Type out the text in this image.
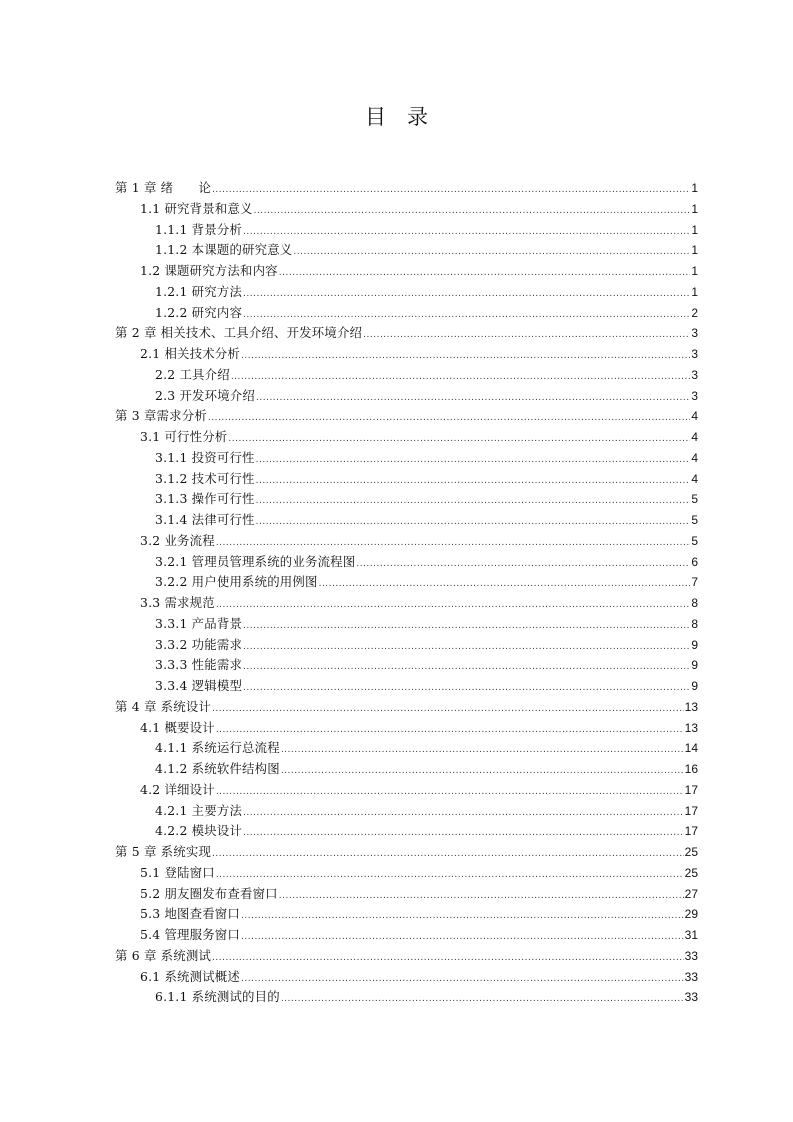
目　录
第 1 章 绪　　论 .....	1
1.1 研究背景和意义 .....	1
1.1.1 背景分析 .....	1
1.1.2 本课题的研究意义 .....	1
1.2 课题研究方法和内容 .....	1
1.2.1 研究方法 .....	1
1.2.2 研究内容 .....	2
第 2 章 相关技术、工具介绍、开发环境介绍 .....	3
2.1 相关技术分析 .....	3
2.2 工具介绍 .....	3
2.3 开发环境介绍 .....	3
第 3 章需求分析 .....	4
3.1 可行性分析 .....	4
3.1.1 投资可行性 .....	4
3.1.2 技术可行性 .....	4
3.1.3 操作可行性 .....	5
3.1.4 法律可行性 .....	5
3.2 业务流程 .....	5
3.2.1 管理员管理系统的业务流程图 .....	6
3.2.2 用户使用系统的用例图 .....	7
3.3 需求规范 .....	8
3.3.1 产品背景 .....	8
3.3.2 功能需求 .....	9
3.3.3 性能需求 .....	9
3.3.4 逻辑模型 .....	9
第 4 章 系统设计 .....	13
4.1 概要设计 .....	13
4.1.1 系统运行总流程 .....	14
4.1.2 系统软件结构图 .....	16
4.2 详细设计 .....	17
4.2.1 主要方法 .....	17
4.2.2 模块设计 .....	17
第 5 章 系统实现 .....	25
5.1 登陆窗口 .....	25
5.2 朋友圈发布查看窗口 .....	27
5.3 地图查看窗口 .....	29
5.4 管理服务窗口 .....	31
第 6 章 系统测试 .....	33
6.1 系统测试概述 .....	33
6.1.1 系统测试的目的 .....	33
